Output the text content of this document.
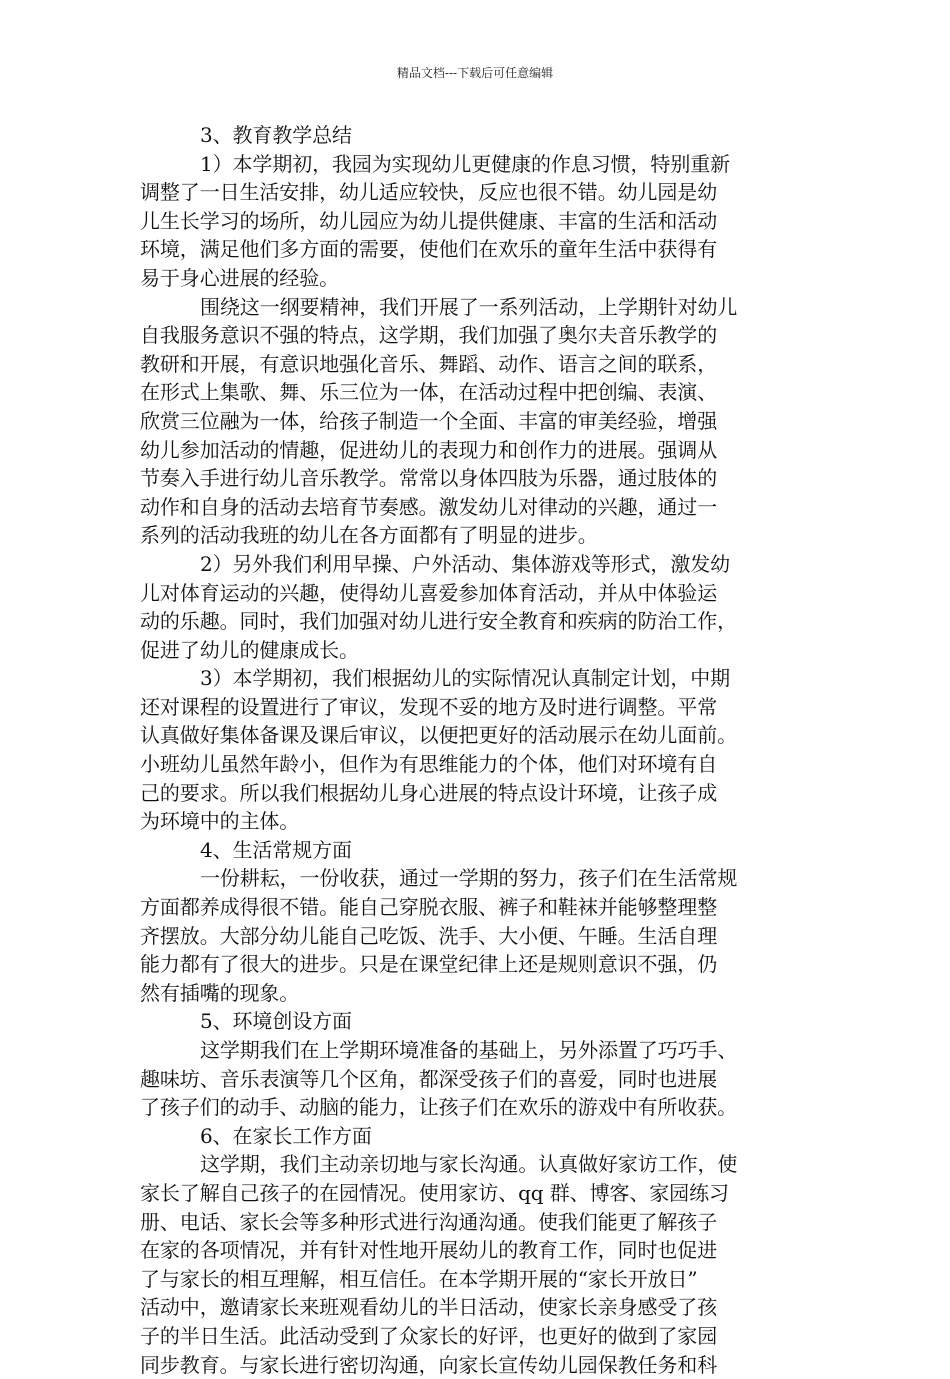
精品文档---下载后可任意编辑
3、教育教学总结
1）本学期初，我园为实现幼儿更健康的作息习惯，特别重新
调整了一日生活安排，幼儿适应较快，反应也很不错。幼儿园是幼
儿生长学习的场所，幼儿园应为幼儿提供健康、丰富的生活和活动
环境，满足他们多方面的需要，使他们在欢乐的童年生活中获得有
易于身心进展的经验。
围绕这一纲要精神，我们开展了一系列活动，上学期针对幼儿
自我服务意识不强的特点，这学期，我们加强了奥尔夫音乐教学的
教研和开展，有意识地强化音乐、舞蹈、动作、语言之间的联系，
在形式上集歌、舞、乐三位为一体，在活动过程中把创编、表演、
欣赏三位融为一体，给孩子制造一个全面、丰富的审美经验，增强
幼儿参加活动的情趣，促进幼儿的表现力和创作力的进展。强调从
节奏入手进行幼儿音乐教学。常常以身体四肢为乐器，通过肢体的
动作和自身的活动去培育节奏感。激发幼儿对律动的兴趣，通过一
系列的活动我班的幼儿在各方面都有了明显的进步。
2）另外我们利用早操、户外活动、集体游戏等形式，激发幼
儿对体育运动的兴趣，使得幼儿喜爱参加体育活动，并从中体验运
动的乐趣。同时，我们加强对幼儿进行安全教育和疾病的防治工作，
促进了幼儿的健康成长。
3）本学期初，我们根据幼儿的实际情况认真制定计划，中期
还对课程的设置进行了审议，发现不妥的地方及时进行调整。平常
认真做好集体备课及课后审议，以便把更好的活动展示在幼儿面前。
小班幼儿虽然年龄小，但作为有思维能力的个体，他们对环境有自
己的要求。所以我们根据幼儿身心进展的特点设计环境，让孩子成
为环境中的主体。
4、生活常规方面
一份耕耘，一份收获，通过一学期的努力，孩子们在生活常规
方面都养成得很不错。能自己穿脱衣服、裤子和鞋袜并能够整理整
齐摆放。大部分幼儿能自己吃饭、洗手、大小便、午睡。生活自理
能力都有了很大的进步。只是在课堂纪律上还是规则意识不强，仍
然有插嘴的现象。
5、环境创设方面
这学期我们在上学期环境准备的基础上，另外添置了巧巧手、
趣味坊、音乐表演等几个区角，都深受孩子们的喜爱，同时也进展
了孩子们的动手、动脑的能力，让孩子们在欢乐的游戏中有所收获。
6、在家长工作方面
这学期，我们主动亲切地与家长沟通。认真做好家访工作，使
家长了解自己孩子的在园情况。使用家访、qq 群、博客、家园练习
册、电话、家长会等多种形式进行沟通沟通。使我们能更了解孩子
在家的各项情况，并有针对性地开展幼儿的教育工作，同时也促进
了与家长的相互理解，相互信任。在本学期开展的“家长开放日”
活动中，邀请家长来班观看幼儿的半日活动，使家长亲身感受了孩
子的半日生活。此活动受到了众家长的好评，也更好的做到了家园
同步教育。与家长进行密切沟通，向家长宣传幼儿园保教任务和科
